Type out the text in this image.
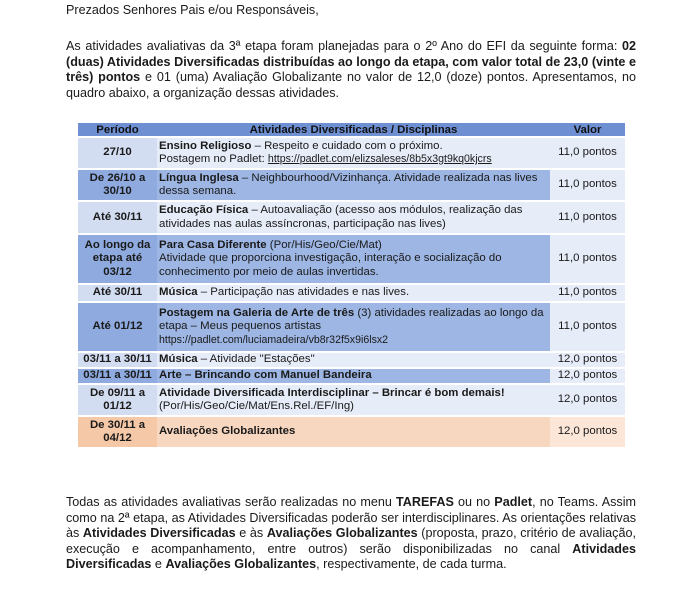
Prezados Senhores Pais e/ou Responsáveis,
As atividades avaliativas da 3ª etapa foram planejadas para o 2º Ano do EFI da seguinte forma: 02 (duas) Atividades Diversificadas distribuídas ao longo da etapa, com valor total de 23,0 (vinte e três) pontos e 01 (uma) Avaliação Globalizante no valor de 12,0 (doze) pontos. Apresentamos, no quadro abaixo, a organização dessas atividades.
Período	Atividades Diversificadas / Disciplinas	Valor
27/10	Ensino Religioso – Respeito e cuidado com o próximo.
Postagem no Padlet: https://padlet.com/elizsaleses/8b5x3gt9kq0kjcrs	11,0 pontos
De 26/10 a 30/10	Língua Inglesa – Neighbourhood/Vizinhança. Atividade realizada nas lives dessa semana.	11,0 pontos
Até 30/11	Educação Física – Autoavaliação (acesso aos módulos, realização das atividades nas aulas assíncronas, participação nas lives)	11,0 pontos
Ao longo da etapa até 03/12	Para Casa Diferente (Por/His/Geo/Cie/Mat)
Atividade que proporciona investigação, interação e socialização do conhecimento por meio de aulas invertidas.	11,0 pontos
Até 30/11	Música – Participação nas atividades e nas lives.	11,0 pontos
Até 01/12	Postagem na Galeria de Arte de três (3) atividades realizadas ao longo da etapa – Meus pequenos artistas
https://padlet.com/luciamadeira/vb8r32f5x9i6lsx2	11,0 pontos
03/11 a 30/11	Música – Atividade "Estações"	12,0 pontos
03/11 a 30/11	Arte – Brincando com Manuel Bandeira	12,0 pontos
De 09/11 a 01/12	Atividade Diversificada Interdisciplinar – Brincar é bom demais!
(Por/His/Geo/Cie/Mat/Ens.Rel./EF/Ing)	12,0 pontos
De 30/11 a 04/12	Avaliações Globalizantes	12,0 pontos
Todas as atividades avaliativas serão realizadas no menu TAREFAS ou no Padlet, no Teams. Assim como na 2ª etapa, as Atividades Diversificadas poderão ser interdisciplinares. As orientações relativas às Atividades Diversificadas e às Avaliações Globalizantes (proposta, prazo, critério de avaliação, execução e acompanhamento, entre outros) serão disponibilizadas no canal Atividades Diversificadas e Avaliações Globalizantes, respectivamente, de cada turma.
